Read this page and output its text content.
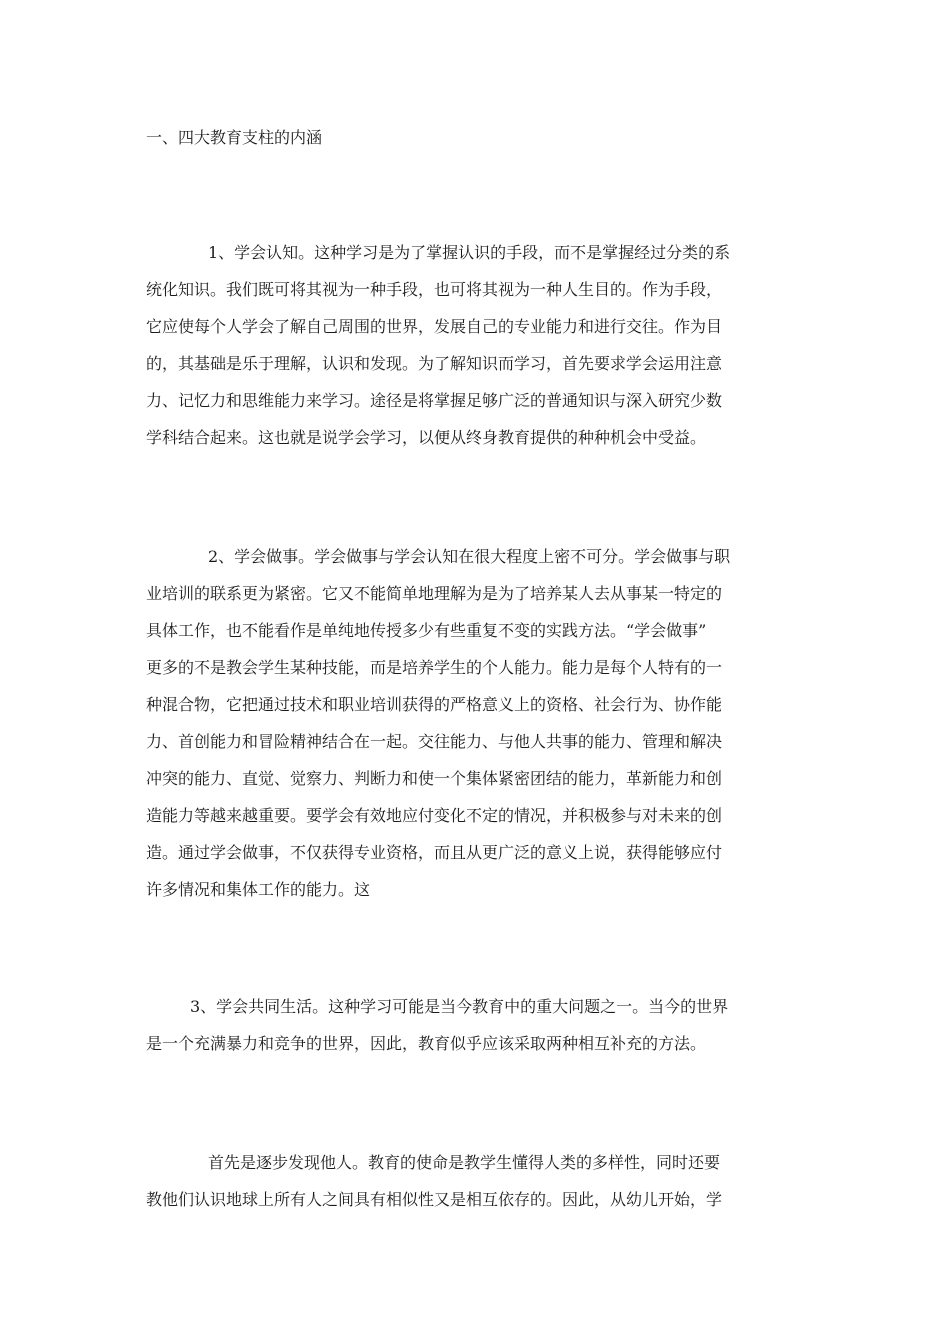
一、四大教育支柱的内涵
1、学会认知。这种学习是为了掌握认识的手段，而不是掌握经过分类的系
统化知识。我们既可将其视为一种手段，也可将其视为一种人生目的。作为手段，
它应使每个人学会了解自己周围的世界，发展自己的专业能力和进行交往。作为目
的，其基础是乐于理解，认识和发现。为了解知识而学习，首先要求学会运用注意
力、记忆力和思维能力来学习。途径是将掌握足够广泛的普通知识与深入研究少数
学科结合起来。这也就是说学会学习，以便从终身教育提供的种种机会中受益。
2、学会做事。学会做事与学会认知在很大程度上密不可分。学会做事与职
业培训的联系更为紧密。它又不能简单地理解为是为了培养某人去从事某一特定的
具体工作，也不能看作是单纯地传授多少有些重复不变的实践方法。“学会做事”
更多的不是教会学生某种技能，而是培养学生的个人能力。能力是每个人特有的一
种混合物，它把通过技术和职业培训获得的严格意义上的资格、社会行为、协作能
力、首创能力和冒险精神结合在一起。交往能力、与他人共事的能力、管理和解决
冲突的能力、直觉、觉察力、判断力和使一个集体紧密团结的能力，革新能力和创
造能力等越来越重要。要学会有效地应付变化不定的情况，并积极参与对未来的创
造。通过学会做事，不仅获得专业资格，而且从更广泛的意义上说，获得能够应付
许多情况和集体工作的能力。这
3、学会共同生活。这种学习可能是当今教育中的重大问题之一。当今的世界
是一个充满暴力和竞争的世界，因此，教育似乎应该采取两种相互补充的方法。
首先是逐步发现他人。教育的使命是教学生懂得人类的多样性，同时还要
教他们认识地球上所有人之间具有相似性又是相互依存的。因此，从幼儿开始，学
